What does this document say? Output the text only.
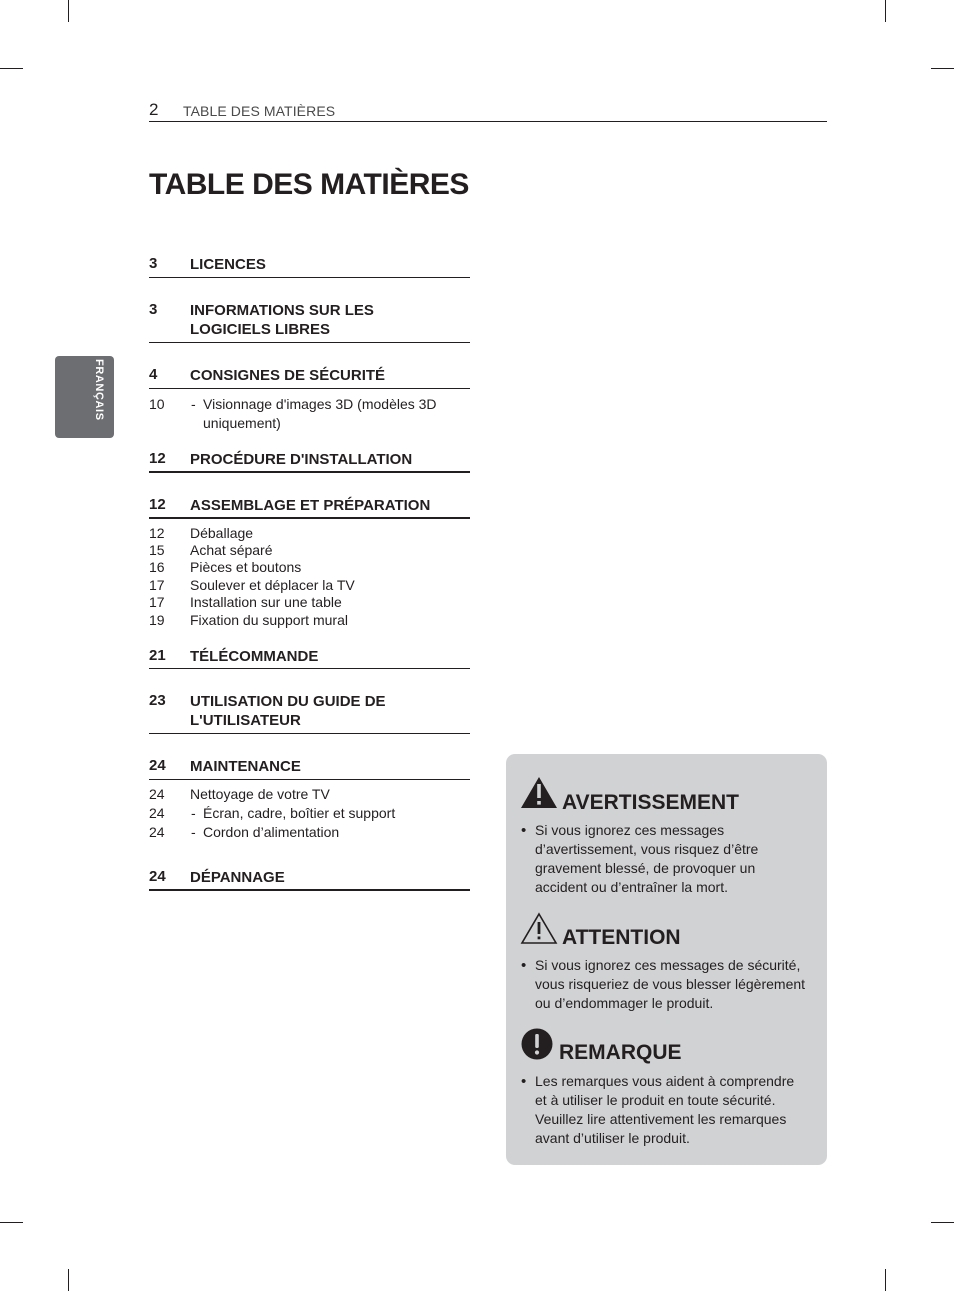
2 TABLE DES MATIÈRES
TABLE DES MATIÈRES
FRANÇAIS
3 LICENCES
3 INFORMATIONS SUR LES
LOGICIELS LIBRES
4 CONSIGNES DE SÉCURITÉ
10 - Visionnage d'images 3D (modèles 3D
uniquement)
12 PROCÉDURE D'INSTALLATION
12 ASSEMBLAGE ET PRÉPARATION
12 Déballage
15 Achat séparé
16 Pièces et boutons
17 Soulever et déplacer la TV
17 Installation sur une table
19 Fixation du support mural
21 TÉLÉCOMMANDE
23 UTILISATION DU GUIDE DE
L'UTILISATEUR
24 MAINTENANCE
24 Nettoyage de votre TV
24 - Écran, cadre, boîtier et support
24 - Cordon d’alimentation
24 DÉPANNAGE
AVERTISSEMENT
• Si vous ignorez ces messages
d’avertissement, vous risquez d’être
gravement blessé, de provoquer un
accident ou d’entraîner la mort.
ATTENTION
• Si vous ignorez ces messages de sécurité,
vous risqueriez de vous blesser légèrement
ou d’endommager le produit.
REMARQUE
• Les remarques vous aident à comprendre
et à utiliser le produit en toute sécurité.
Veuillez lire attentivement les remarques
avant d’utiliser le produit.
